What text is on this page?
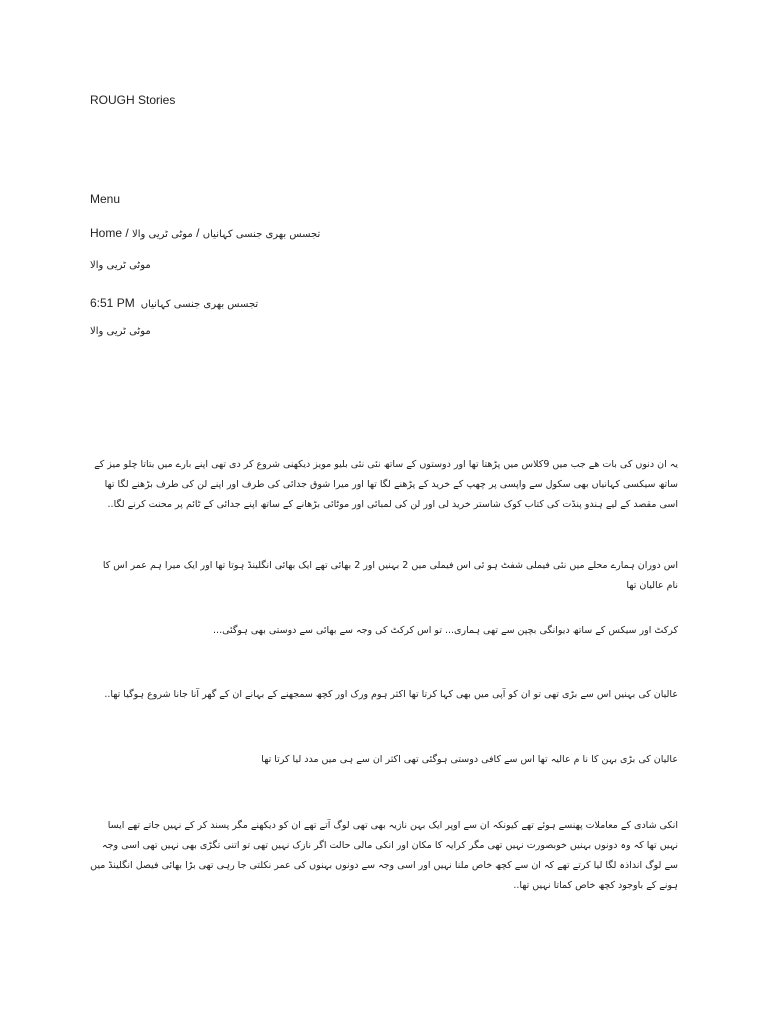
ROUGH Stories
Menu
Home /	تجسس بھری جنسی کہانیاں / موٹی ٹریی والا
موٹی ٹریی والا
6:51 PM تجسس بھری جنسی کہانیاں
موٹی ٹریی والا
یہ ان دنوں کی بات ھے جب میں 9کلاس میں پڑھتا تھا اور دوستوں کے ساتھ نئی نئی بلیو مویز دیکھنی شروع کر دی تھی اپنے بارے میں بتاتا چلو میز کے ساتھ سیکسی کہانیاں بھی سکول سے واپسی پر چھپ کے خرید کے پڑھنے لگا تھا اور میرا شوق جدائی کی طرف اور اپنے لن کی طرف بڑھنے لگا تھا اسی مقصد کے لیے ہندو پنڈت کی کتاب کوک شاستر خرید لی اور لن کی لمبائی اور موٹائی بڑھانے کے ساتھ اپنے جدائی کے ٹائم پر محنت کرنے لگا..
اس دوران ہمارے محلے میں نئی فیملی شفٹ ہو ئی اس فیملی میں 2 بہنیں اور 2 بھائی تھے ایک بھائی انگلینڈ ہوتا تھا اور ایک میرا ہم عمر اس کا نام عالیان تھا
کرکٹ اور سیکس کے ساتھ دیوانگی بچپن سے تھی ہماری... تو اس کرکٹ کی وجہ سے بھائی سے دوستی بھی ہوگئی...
عالیان کی بہنیں اس سے بڑی تھی تو ان کو آپی میں بھی کہا کرتا تھا اکثر ہوم ورک اور کچھ سمجھنے کے بہانے ان کے گھر آنا جانا شروع ہوگیا تھا..
عالیان کی بڑی بہن کا نا م عالیہ تھا اس سے کافی دوستی ہوگئی تھی اکثر ان سے ہی میں مدد لیا کرتا تھا
انکی شادی کے معاملات پھنسے ہوئے تھے کیونکہ ان سے اوپر ایک بہن نازیہ بھی تھی لوگ آتے تھے ان کو دیکھنے مگر پسند کر کے نہیں جاتے تھے ایسا نہیں تھا کہ وہ دونوں بہنیں خوبصورت نہیں تھی مگر کرایہ کا مکان اور انکی مالی حالت اگر نازک نہیں تھی تو اتنی تگڑی بھی نہیں تھی اسی وجہ سے لوگ انداذہ لگا لیا کرتے تھے کہ ان سے کچھ خاص ملنا نہیں اور اسی وجہ سے دونوں بہنوں کی عمر نکلتی جا رہی تھی بڑا بھائی فیصل انگلینڈ میں ہونے کے باوجود کچھ خاص کماتا نہیں تھا..
